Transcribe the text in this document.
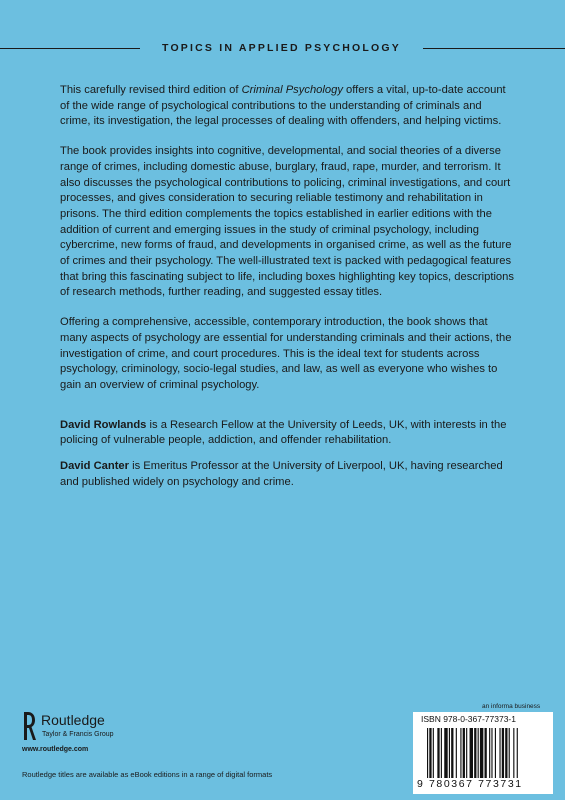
TOPICS IN APPLIED PSYCHOLOGY

This carefully revised third edition of Criminal Psychology offers a vital, up-to-date account of the wide range of psychological contributions to the understanding of criminals and crime, its investigation, the legal processes of dealing with offenders, and helping victims.

The book provides insights into cognitive, developmental, and social theories of a diverse range of crimes, including domestic abuse, burglary, fraud, rape, murder, and terrorism. It also discusses the psychological contributions to policing, criminal investigations, and court processes, and gives consideration to securing reliable testimony and rehabilitation in prisons. The third edition complements the topics established in earlier editions with the addition of current and emerging issues in the study of criminal psychology, including cybercrime, new forms of fraud, and developments in organised crime, as well as the future of crimes and their psychology. The well-illustrated text is packed with pedagogical features that bring this fascinating subject to life, including boxes highlighting key topics, descriptions of research methods, further reading, and suggested essay titles.

Offering a comprehensive, accessible, contemporary introduction, the book shows that many aspects of psychology are essential for understanding criminals and their actions, the investigation of crime, and court procedures. This is the ideal text for students across psychology, criminology, socio-legal studies, and law, as well as everyone who wishes to gain an overview of criminal psychology.

David Rowlands is a Research Fellow at the University of Leeds, UK, with interests in the policing of vulnerable people, addiction, and offender rehabilitation.

David Canter is Emeritus Professor at the University of Liverpool, UK, having researched and published widely on psychology and crime.

Routledge
Taylor & Francis Group
www.routledge.com
Routledge titles are available as eBook editions in a range of digital formats
an informa business
ISBN 978-0-367-77373-1
9 780367 773731
